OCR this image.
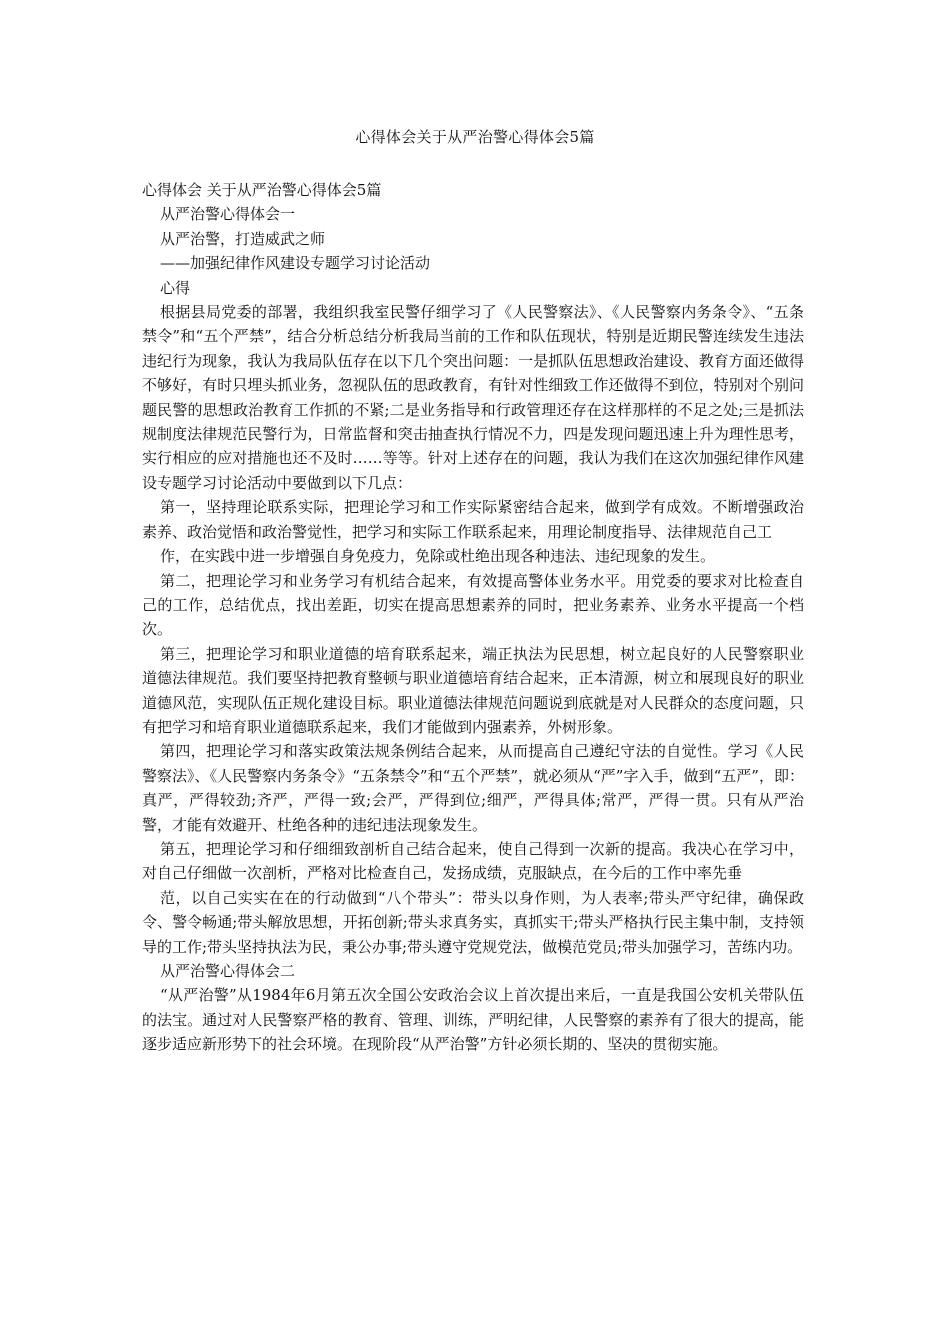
心得体会关于从严治警心得体会5篇

心得体会 关于从严治警心得体会5篇

从严治警心得体会一

从严治警，打造威武之师

——加强纪律作风建设专题学习讨论活动

心得

根据县局党委的部署，我组织我室民警仔细学习了《人民警察法》、《人民警察内务条令》、“五条禁令”和“五个严禁”，结合分析总结分析我局当前的工作和队伍现状，特别是近期民警连续发生违法违纪行为现象，我认为我局队伍存在以下几个突出问题：一是抓队伍思想政治建设、教育方面还做得不够好，有时只埋头抓业务，忽视队伍的思政教育，有针对性细致工作还做得不到位，特别对个别问题民警的思想政治教育工作抓的不紧;二是业务指导和行政管理还存在这样那样的不足之处;三是抓法规制度法律规范民警行为，日常监督和突击抽查执行情况不力，四是发现问题迅速上升为理性思考，实行相应的应对措施也还不及时……等等。针对上述存在的问题，我认为我们在这次加强纪律作风建设专题学习讨论活动中要做到以下几点：

第一，坚持理论联系实际，把理论学习和工作实际紧密结合起来，做到学有成效。不断增强政治素养、政治觉悟和政治警觉性，把学习和实际工作联系起来，用理论制度指导、法律规范自己工

作，在实践中进一步增强自身免疫力，免除或杜绝出现各种违法、违纪现象的发生。

第二，把理论学习和业务学习有机结合起来，有效提高警体业务水平。用党委的要求对比检查自己的工作，总结优点，找出差距，切实在提高思想素养的同时，把业务素养、业务水平提高一个档次。

第三，把理论学习和职业道德的培育联系起来，端正执法为民思想，树立起良好的人民警察职业道德法律规范。我们要坚持把教育整顿与职业道德培育结合起来，正本清源，树立和展现良好的职业道德风范，实现队伍正规化建设目标。职业道德法律规范问题说到底就是对人民群众的态度问题，只有把学习和培育职业道德联系起来，我们才能做到内强素养，外树形象。

第四，把理论学习和落实政策法规条例结合起来，从而提高自己遵纪守法的自觉性。学习《人民警察法》、《人民警察内务条令》“五条禁令”和“五个严禁”，就必须从“严”字入手，做到“五严”，即：真严，严得较劲;齐严，严得一致;会严，严得到位;细严，严得具体;常严，严得一贯。只有从严治警，才能有效避开、杜绝各种的违纪违法现象发生。

第五，把理论学习和仔细细致剖析自己结合起来，使自己得到一次新的提高。我决心在学习中，对自己仔细做一次剖析，严格对比检查自己，发扬成绩，克服缺点，在今后的工作中率先垂

范，以自己实实在在的行动做到“八个带头”：带头以身作则，为人表率;带头严守纪律，确保政令、警令畅通;带头解放思想，开拓创新;带头求真务实，真抓实干;带头严格执行民主集中制，支持领导的工作;带头坚持执法为民，秉公办事;带头遵守党规党法，做模范党员;带头加强学习，苦练内功。

从严治警心得体会二

“从严治警”从1984年6月第五次全国公安政治会议上首次提出来后，一直是我国公安机关带队伍的法宝。通过对人民警察严格的教育、管理、训练，严明纪律，人民警察的素养有了很大的提高，能逐步适应新形势下的社会环境。在现阶段“从严治警”方针必须长期的、坚决的贯彻实施。
